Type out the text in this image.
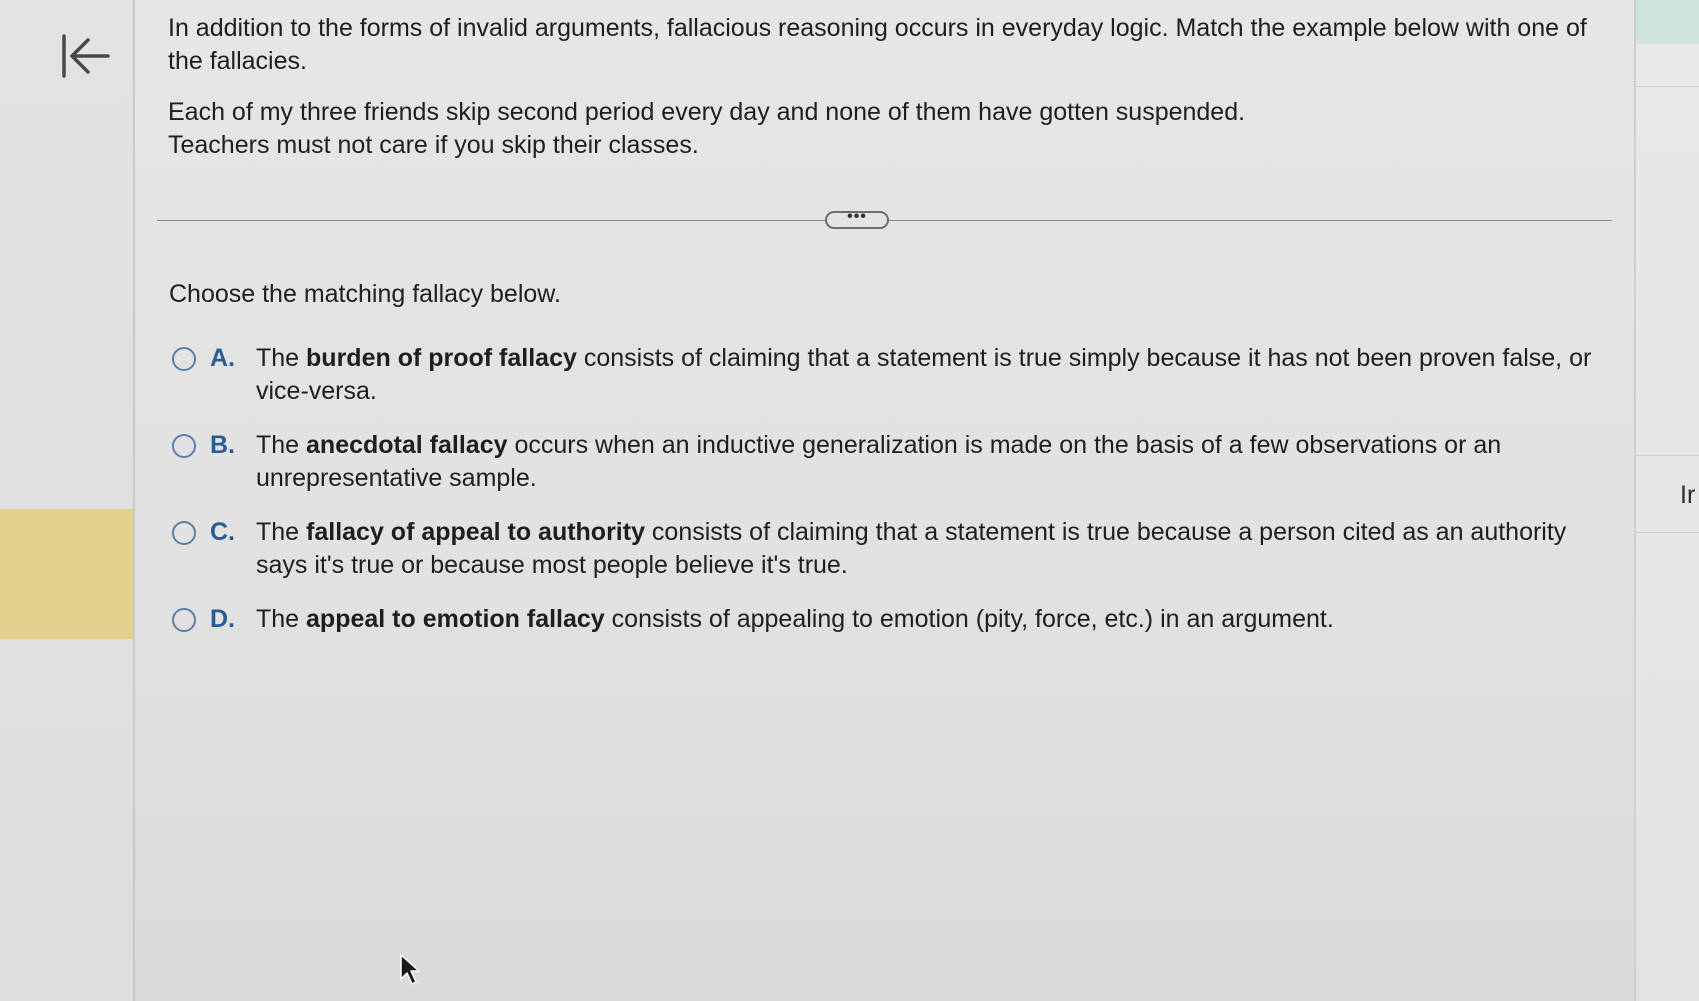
In addition to the forms of invalid arguments, fallacious reasoning occurs in everyday logic. Match the example below with one of the fallacies.

Each of my three friends skip second period every day and none of them have gotten suspended. Teachers must not care if you skip their classes.

•••

Choose the matching fallacy below.

A. The burden of proof fallacy consists of claiming that a statement is true simply because it has not been proven false, or vice-versa.
B. The anecdotal fallacy occurs when an inductive generalization is made on the basis of a few observations or an unrepresentative sample.
C. The fallacy of appeal to authority consists of claiming that a statement is true because a person cited as an authority says it's true or because most people believe it's true.
D. The appeal to emotion fallacy consists of appealing to emotion (pity, force, etc.) in an argument.
Ir
